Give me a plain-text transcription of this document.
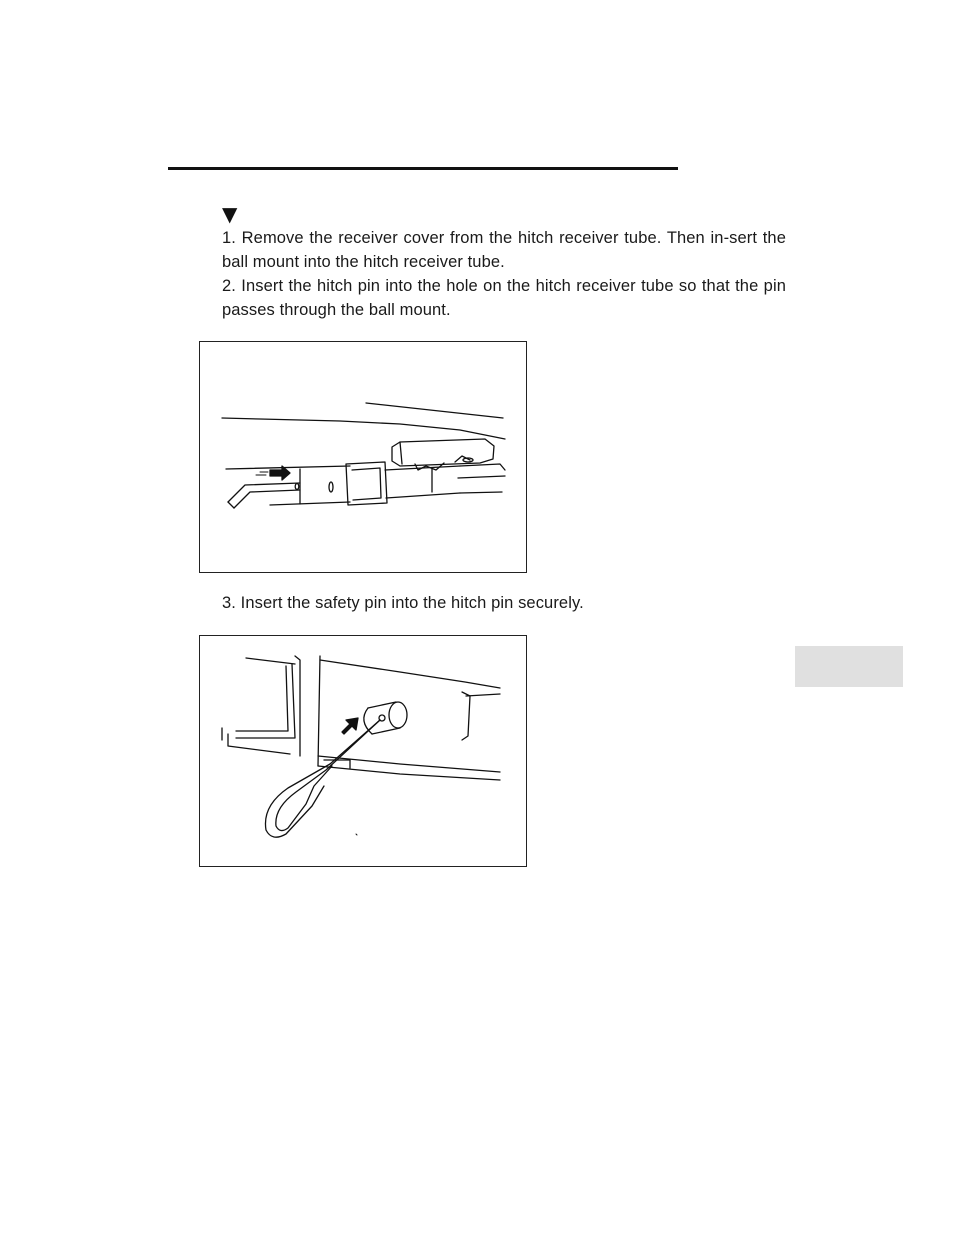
▼

1. Remove the receiver cover from the hitch receiver tube. Then in-sert the ball mount into the hitch receiver tube.

2. Insert the hitch pin into the hole on the hitch receiver tube so that the pin passes through the ball mount.

3. Insert the safety pin into the hitch pin securely.
